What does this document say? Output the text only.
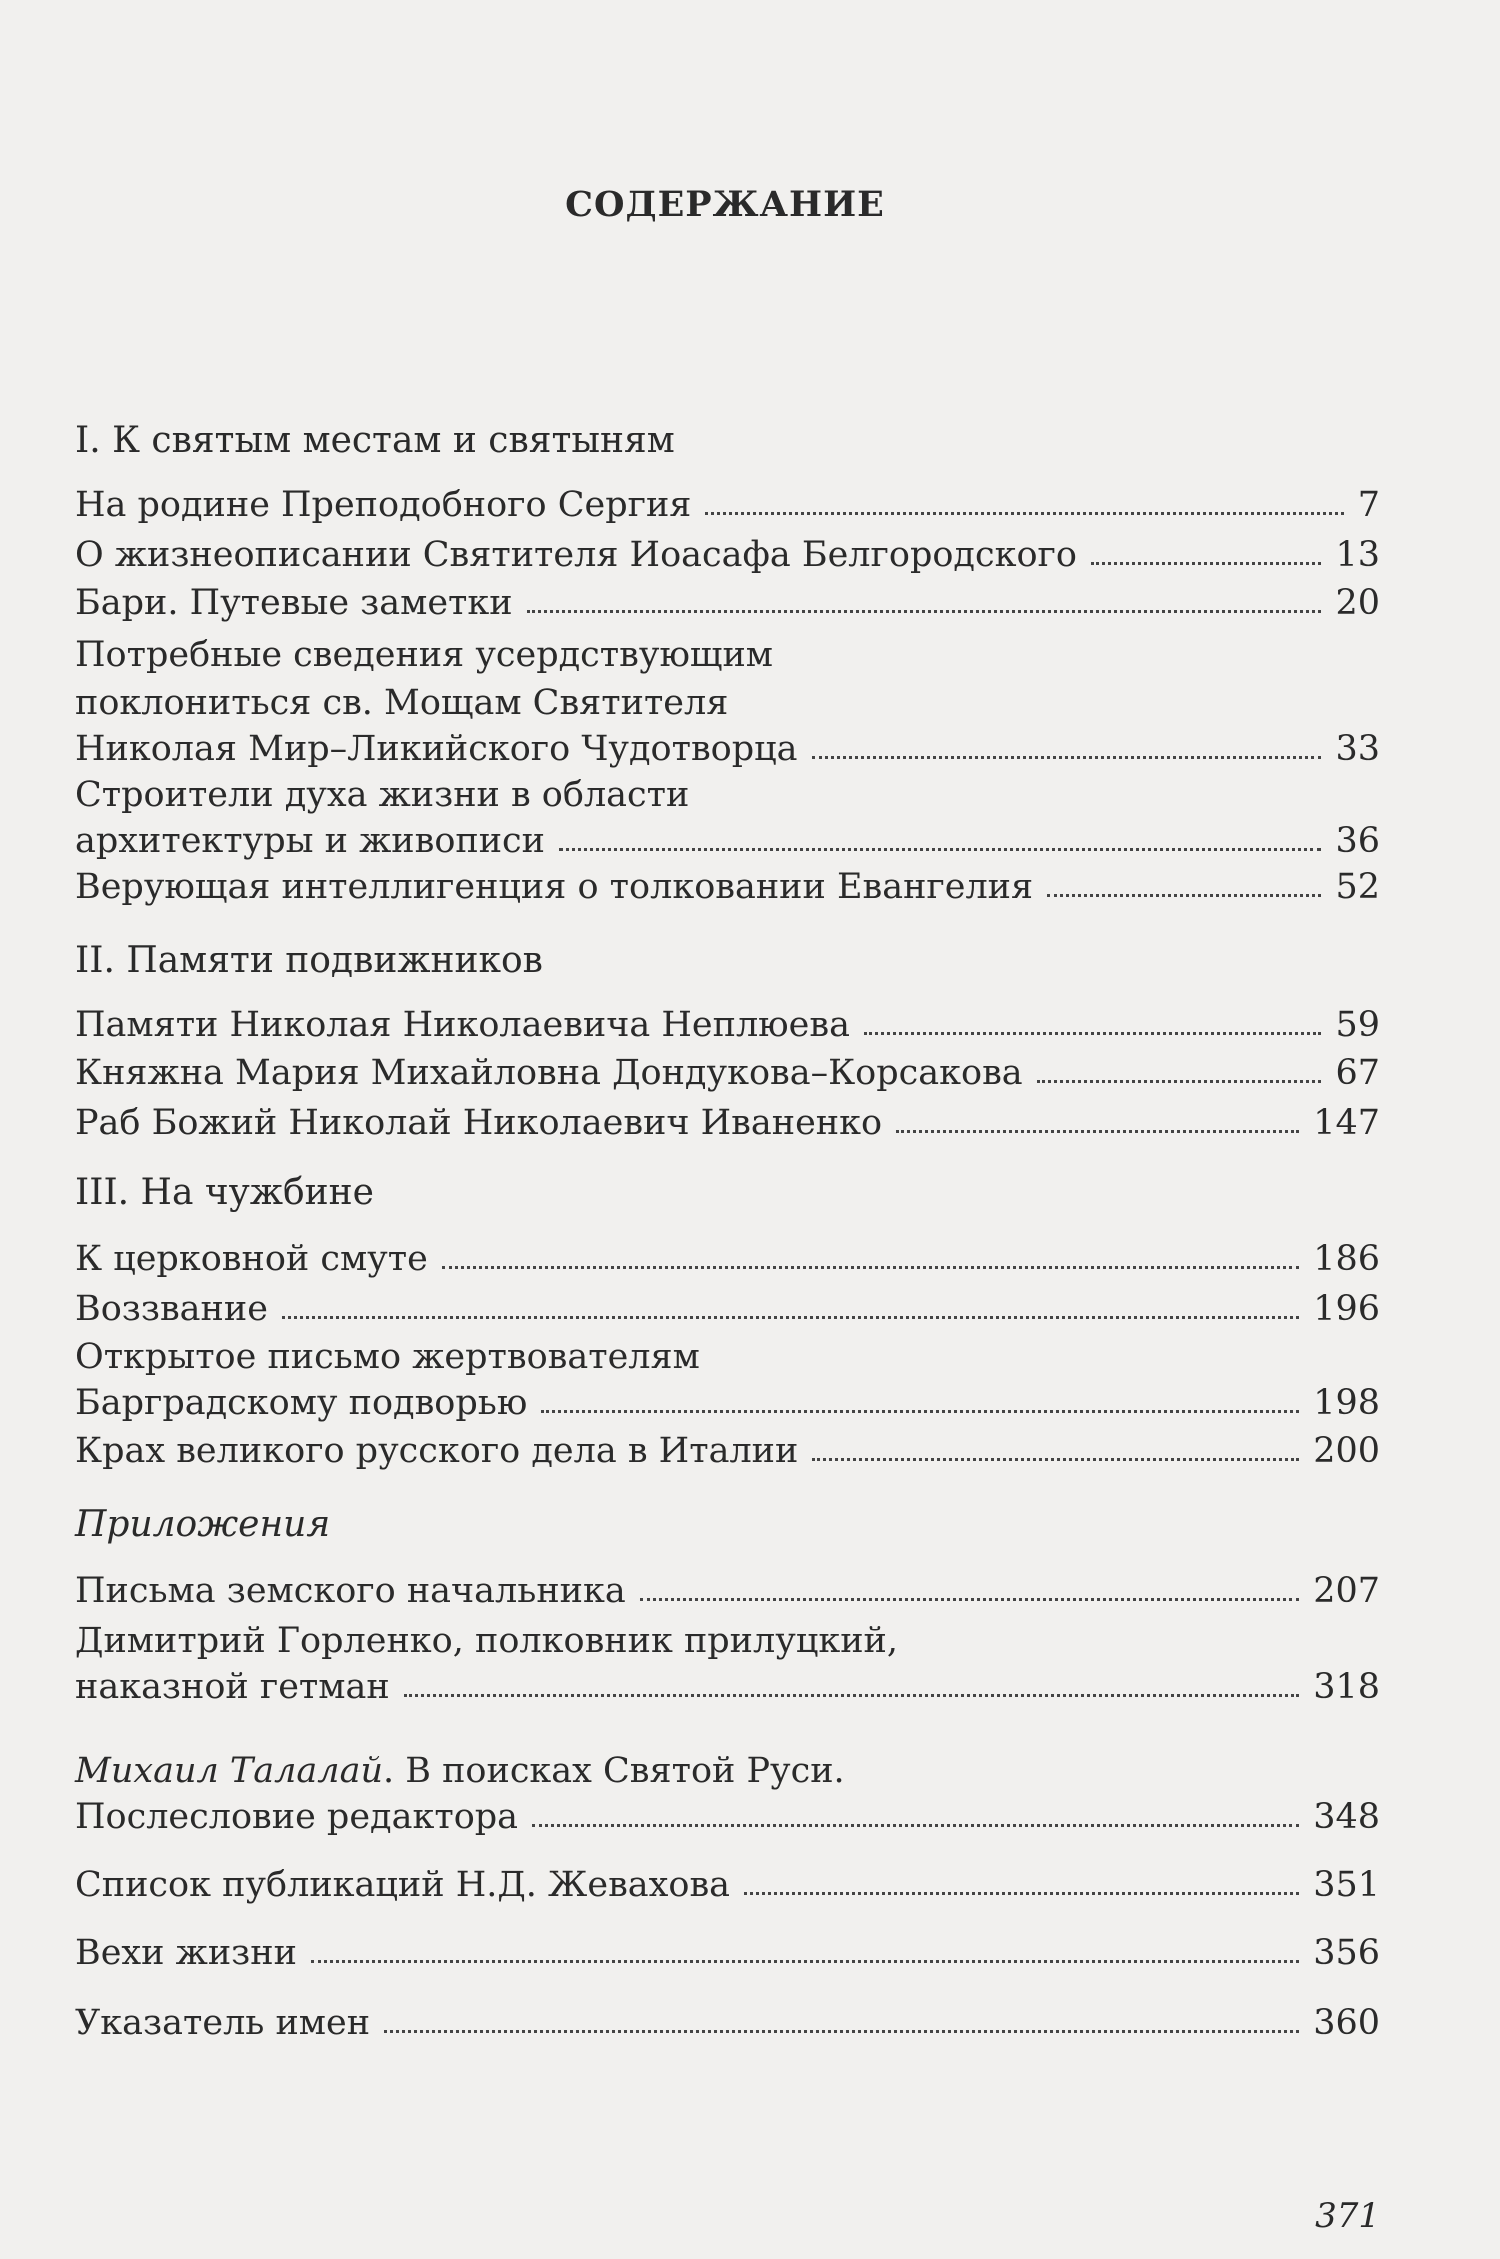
СОДЕРЖАНИЕ
I. К святым местам и святыням
На родине Преподобного Сергия	7
О жизнеописании Святителя Иоасафа Белгородского	13
Бари. Путевые заметки	20
Потребные сведения усердствующим
поклониться св. Мощам Святителя
Николая Мир–Ликийского Чудотворца	33
Строители духа жизни в области
архитектуры и живописи	36
Верующая интеллигенция о толковании Евангелия	52
II. Памяти подвижников
Памяти Николая Николаевича Неплюева	59
Княжна Мария Михайловна Дондукова–Корсакова	67
Раб Божий Николай Николаевич Иваненко	147
III. На чужбине
К церковной смуте	186
Воззвание	196
Открытое письмо жертвователям
Барградскому подворью	198
Крах великого русского дела в Италии	200
Приложения
Письма земского начальника	207
Димитрий Горленко, полковник прилуцкий,
наказной гетман	318
Михаил Талалай. В поисках Святой Руси.
Послесловие редактора	348
Список публикаций Н.Д. Жевахова	351
Вехи жизни	356
Указатель имен	360
371
